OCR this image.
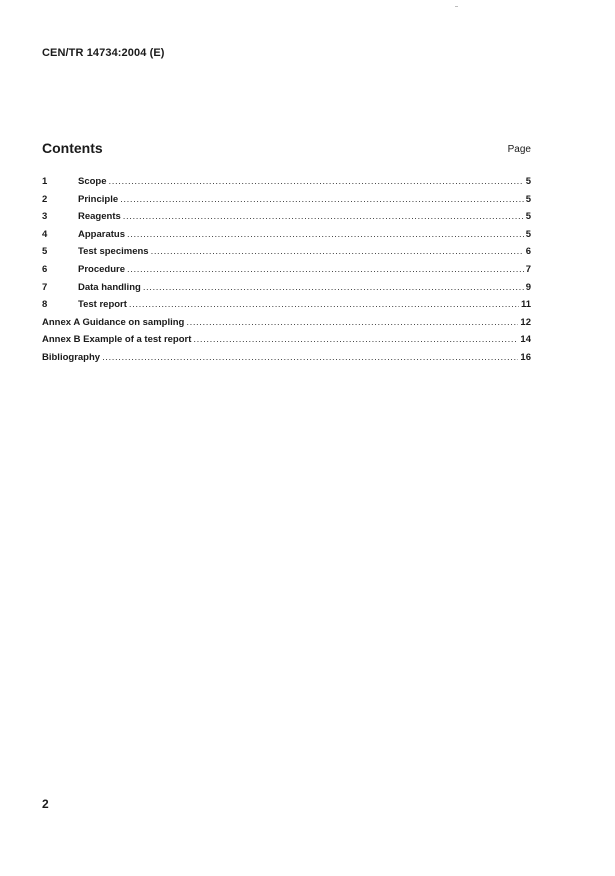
CEN/TR 14734:2004 (E)
Contents	Page
1	Scope .....	5
2	Principle .....	5
3	Reagents .....	5
4	Apparatus .....	5
5	Test specimens .....	6
6	Procedure .....	7
7	Data handling .....	9
8	Test report .....	11
Annex A Guidance on sampling .....	12
Annex B Example of a test report .....	14
Bibliography .....	16
2
